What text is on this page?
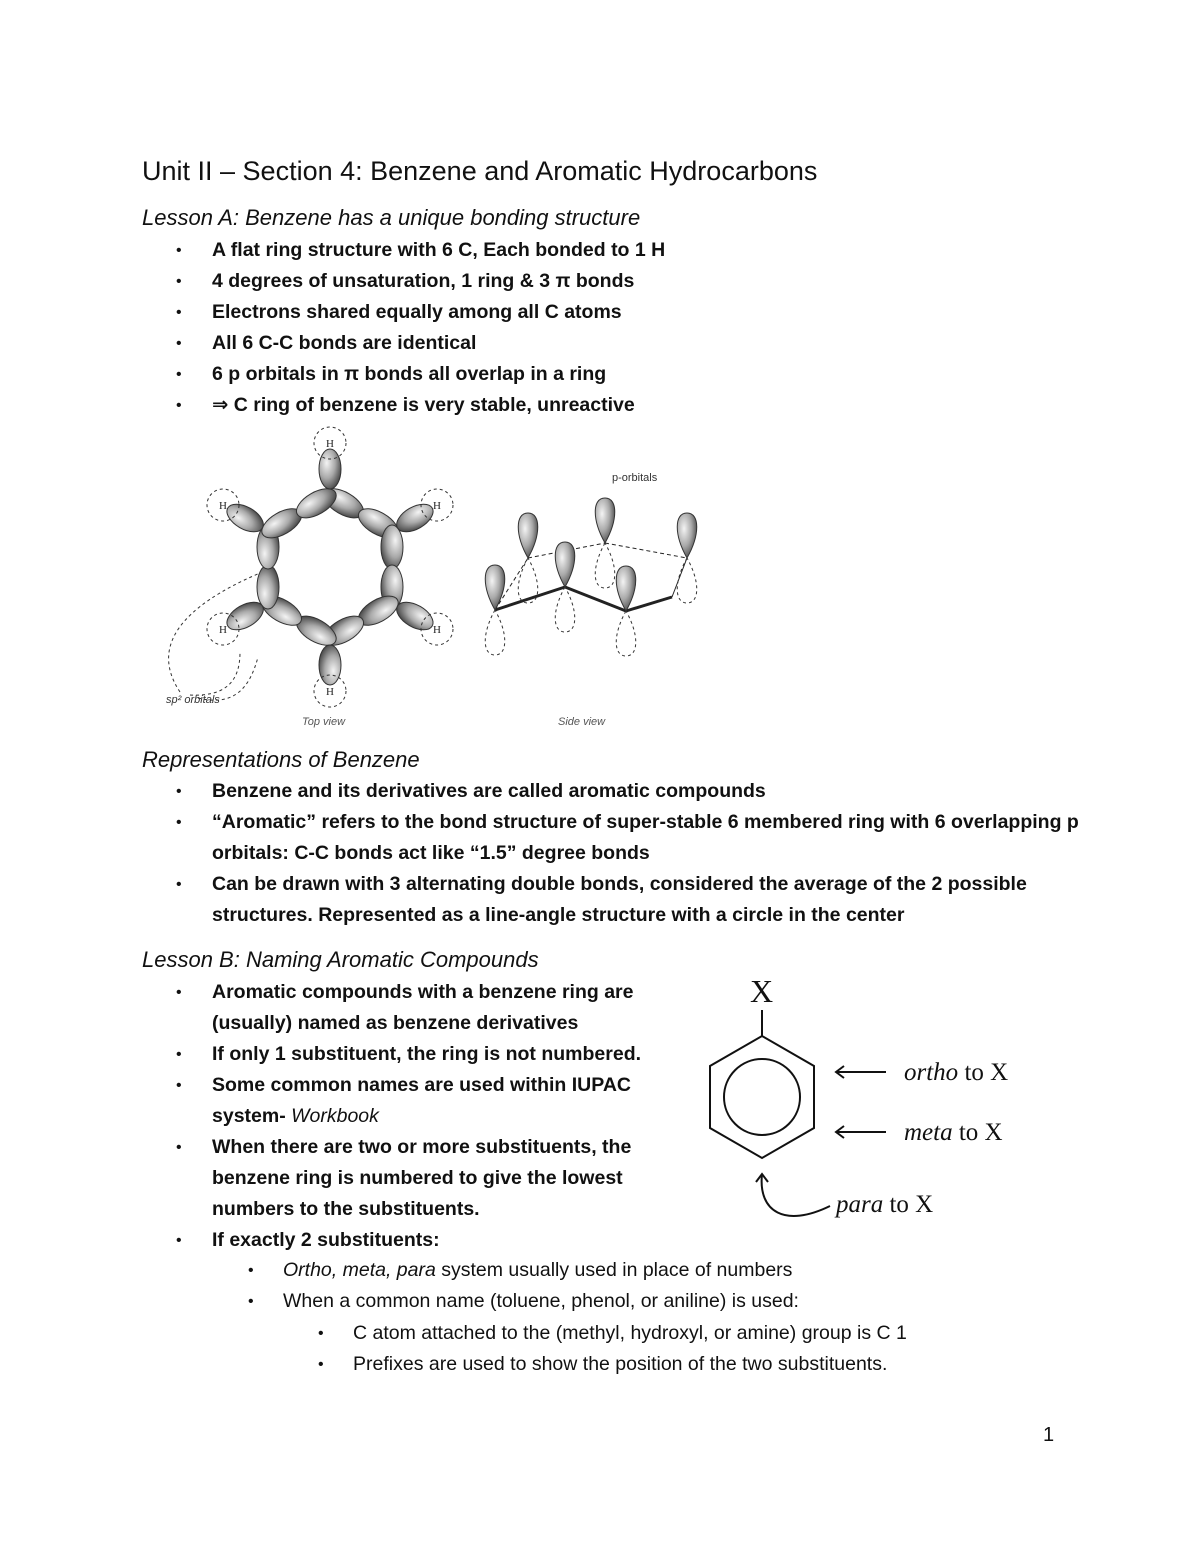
Unit II – Section 4: Benzene and Aromatic Hydrocarbons
Lesson A: Benzene has a unique bonding structure
• A flat ring structure with 6 C, Each bonded to 1 H
• 4 degrees of unsaturation, 1 ring & 3 π bonds
• Electrons shared equally among all C atoms
• All 6 C-C bonds are identical
• 6 p orbitals in π bonds all overlap in a ring
• ⇒ C ring of benzene is very stable, unreactive
H
H
H
H
H
H
sp² orbitals
Top view
p-orbitals
Side view
Representations of Benzene
• Benzene and its derivatives are called aromatic compounds
• “Aromatic” refers to the bond structure of super-stable 6 membered ring with 6 overlapping p orbitals: C-C bonds act like “1.5” degree bonds
• Can be drawn with 3 alternating double bonds, considered the average of the 2 possible structures. Represented as a line-angle structure with a circle in the center
Lesson B: Naming Aromatic Compounds
• Aromatic compounds with a benzene ring are (usually) named as benzene derivatives
• If only 1 substituent, the ring is not numbered.
• Some common names are used within IUPAC system- Workbook
• When there are two or more substituents, the benzene ring is numbered to give the lowest numbers to the substituents.
• If exactly 2 substituents:
• Ortho, meta, para system usually used in place of numbers
• When a common name (toluene, phenol, or aniline) is used:
• C atom attached to the (methyl, hydroxyl, or amine) group is C 1
• Prefixes are used to show the position of the two substituents.
X
ortho to X
meta to X
para to X
1
